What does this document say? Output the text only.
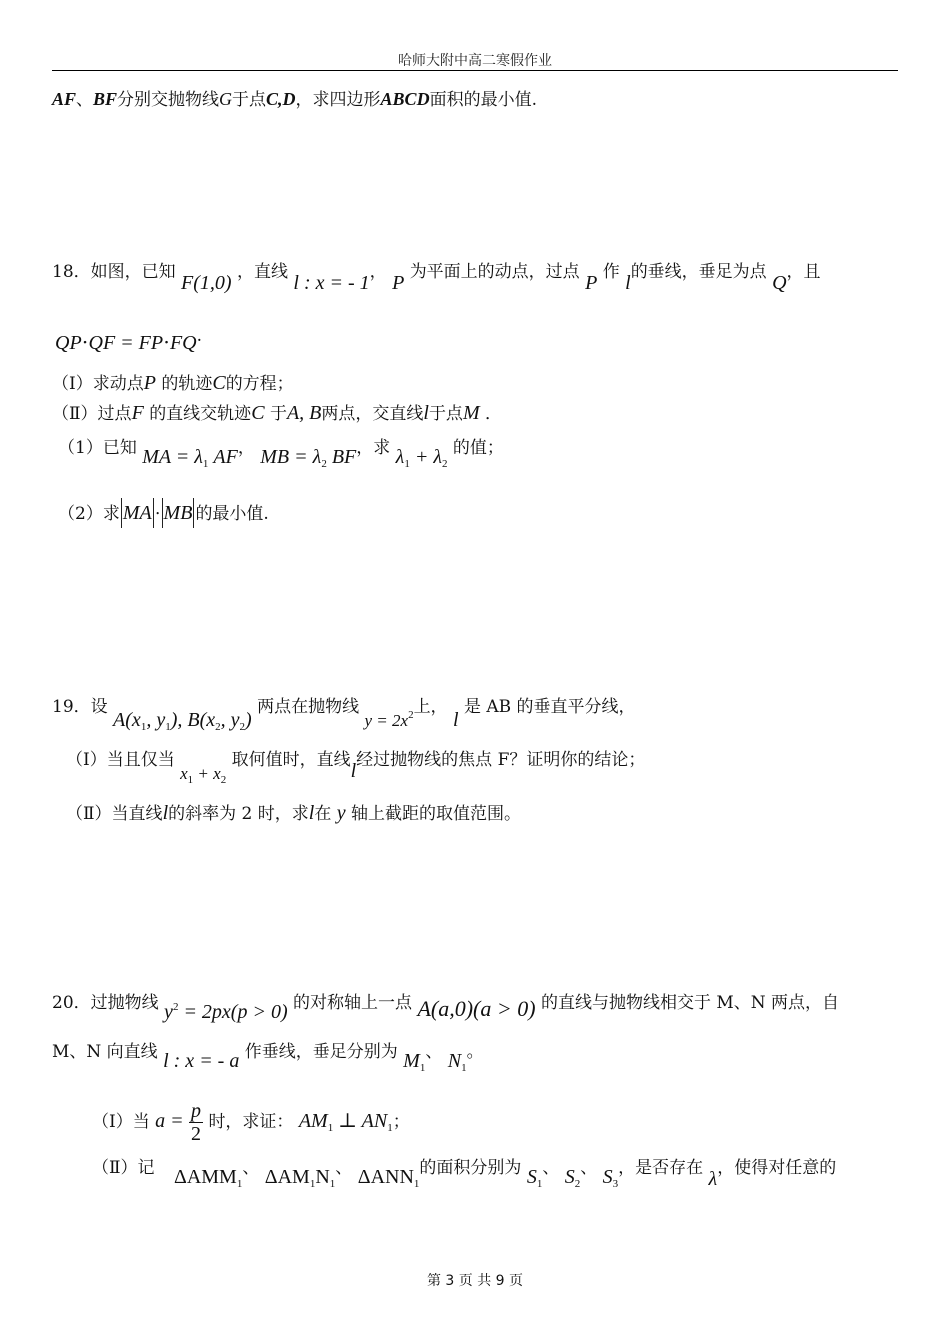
哈师大附中高二寒假作业
AF、BF分别交抛物线G于点C,D，求四边形ABCD面积的最小值.
18．如图，已知 F(1,0) ，直线 l : x = - 1， P 为平面上的动点，过点 P 作 l的垂线，垂足为点 Q，且
QP⋅QF = FP⋅FQ.
（Ⅰ）求动点P 的轨迹C的方程；
（Ⅱ）过点F 的直线交轨迹C 于A, B两点，交直线l于点M ．
（1）已知 MA = $\lambda_1$ AF， MB = $\lambda_2$ BF，求 $\lambda_1 + \lambda_2$ 的值；
（2）求 MA ⋅ MB 的最小值.
19．设 $A(x_1$, $y_1$), $B(x_2$, $y_2$) 两点在抛物线 $y = 2x^2$上， l 是 AB 的垂直平分线，
（Ⅰ）当且仅当 $x_1 + x_2$ 取何值时，直线l经过抛物线的焦点 F？证明你的结论；
（Ⅱ）当直线l的斜率为 2 时，求l在 y 轴上截距的取值范围。
20．过抛物线 $y^2 = 2px(p > 0)$ 的对称轴上一点 A(a,0)(a > 0) 的直线与抛物线相交于 M、N 两点，自
M、N 向直线 l : x = - a 作垂线，垂足分别为 $M_1$、 $N_1$。
（Ⅰ）当 $a = \frac{p}{2}$ 时，求证： $AM_1$ ⊥ $AN_1$；
（Ⅱ）记 $\Delta AMM_1$、 $\Delta AM_1N_1$、 $\Delta ANN_1$的面积分别为 $S_1$、 $S_2$、 $S_3$，是否存在 λ，使得对任意的
第 3 页 共 9 页
